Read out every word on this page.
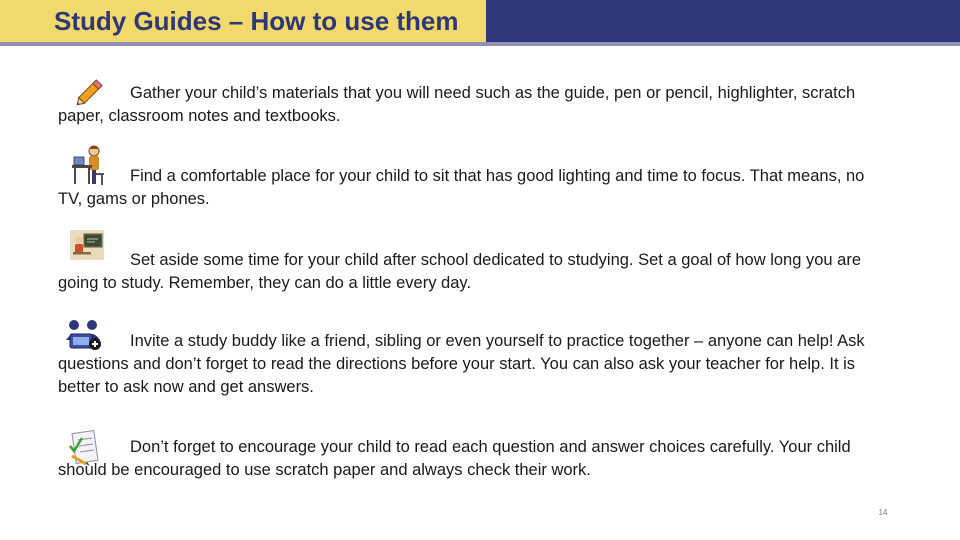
Study Guides – How to use them
Gather your child’s materials that you will need such as the guide, pen or pencil, highlighter, scratch paper, classroom notes and textbooks.
Find a comfortable place for your child to sit that has good lighting and time to focus. That means, no TV, gams or phones.
Set aside some time for your child after school dedicated to studying. Set a goal of how long you are going to study. Remember, they can do a little every day.
Invite a study buddy like a friend, sibling or even yourself to practice together – anyone can help! Ask questions and don’t forget to read the directions before your start. You can also ask your teacher for help. It is better to ask now and get answers.
Don’t forget to encourage your child to read each question and answer choices carefully. Your child should be encouraged to use scratch paper and always check their work.
14
